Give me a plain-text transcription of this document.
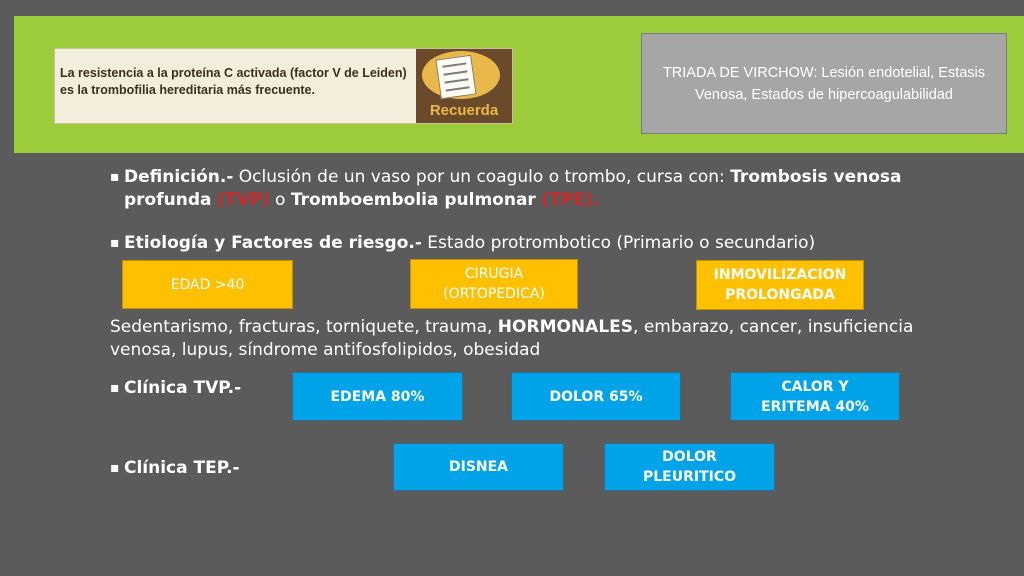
La resistencia a la proteína C activada (factor V de Leiden) es la trombofilia hereditaria más frecuente.
Recuerda
TRIADA DE VIRCHOW: Lesión endotelial, Estasis Venosa, Estados de hipercoagulabilidad
▪ Definición.- Oclusión de un vaso por un coagulo o trombo, cursa con: Trombosis venosa profunda (TVP) o Tromboembolia pulmonar (TPE).
▪ Etiología y Factores de riesgo.- Estado protrombotico (Primario o secundario)
EDAD >40
CIRUGIA (ORTOPEDICA)
INMOVILIZACION PROLONGADA
Sedentarismo, fracturas, torniquete, trauma, HORMONALES, embarazo, cancer, insuficiencia venosa, lupus, síndrome antifosfolipidos, obesidad
▪ Clínica TVP.-	EDEMA 80%	DOLOR 65%
CALOR Y ERITEMA 40%
▪ Clínica TEP.-	DISNEA
DOLOR PLEURITICO
